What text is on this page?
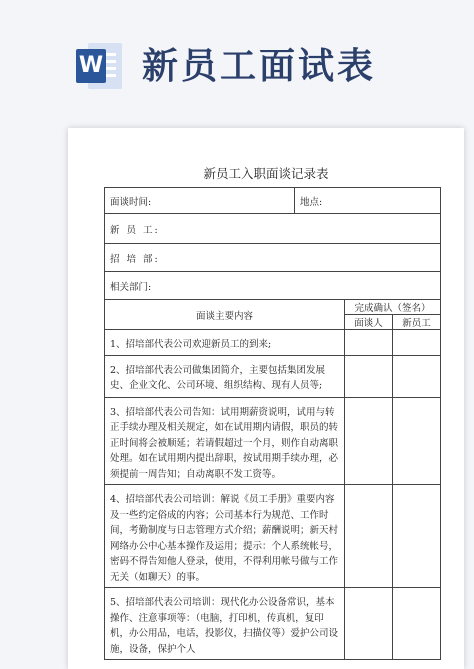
W 新员工面试表
新员工入职面谈记录表
面谈时间:	地点:		
新 员 工:			
招 培 部:			
相关部门:			
面谈主要内容		完成确认（签名）	
		面谈人	新员工
1、招培部代表公司欢迎新员工的到来;			
2、招培部代表公司做集团简介，主要包括集团发展史、企业文化、公司环境、组织结构、现有人员等;			
3、招培部代表公司告知：试用期薪资说明，试用与转正手续办理及相关规定，如在试用期内请假，职员的转正时间将会被顺延；若请假超过一个月，则作自动离职处理。如在试用期内提出辞职，按试用期手续办理，必须提前一周告知；自动离职不发工资等。			
4、招培部代表公司培训：解说《员工手册》重要内容及一些约定俗成的内容；公司基本行为规范、工作时间，考勤制度与日志管理方式介绍；薪酬说明；新天村网络办公中心基本操作及运用；提示：个人系统帐号，密码不得告知他人登录，使用，不得利用帐号做与工作无关（如聊天）的事。			
5、招培部代表公司培训：现代化办公设备常识，基本操作、注意事项等：（电脑，打印机，传真机，复印机，办公用品，电话，投影仪，扫描仪等）爱护公司设施，设备，保护个人			
